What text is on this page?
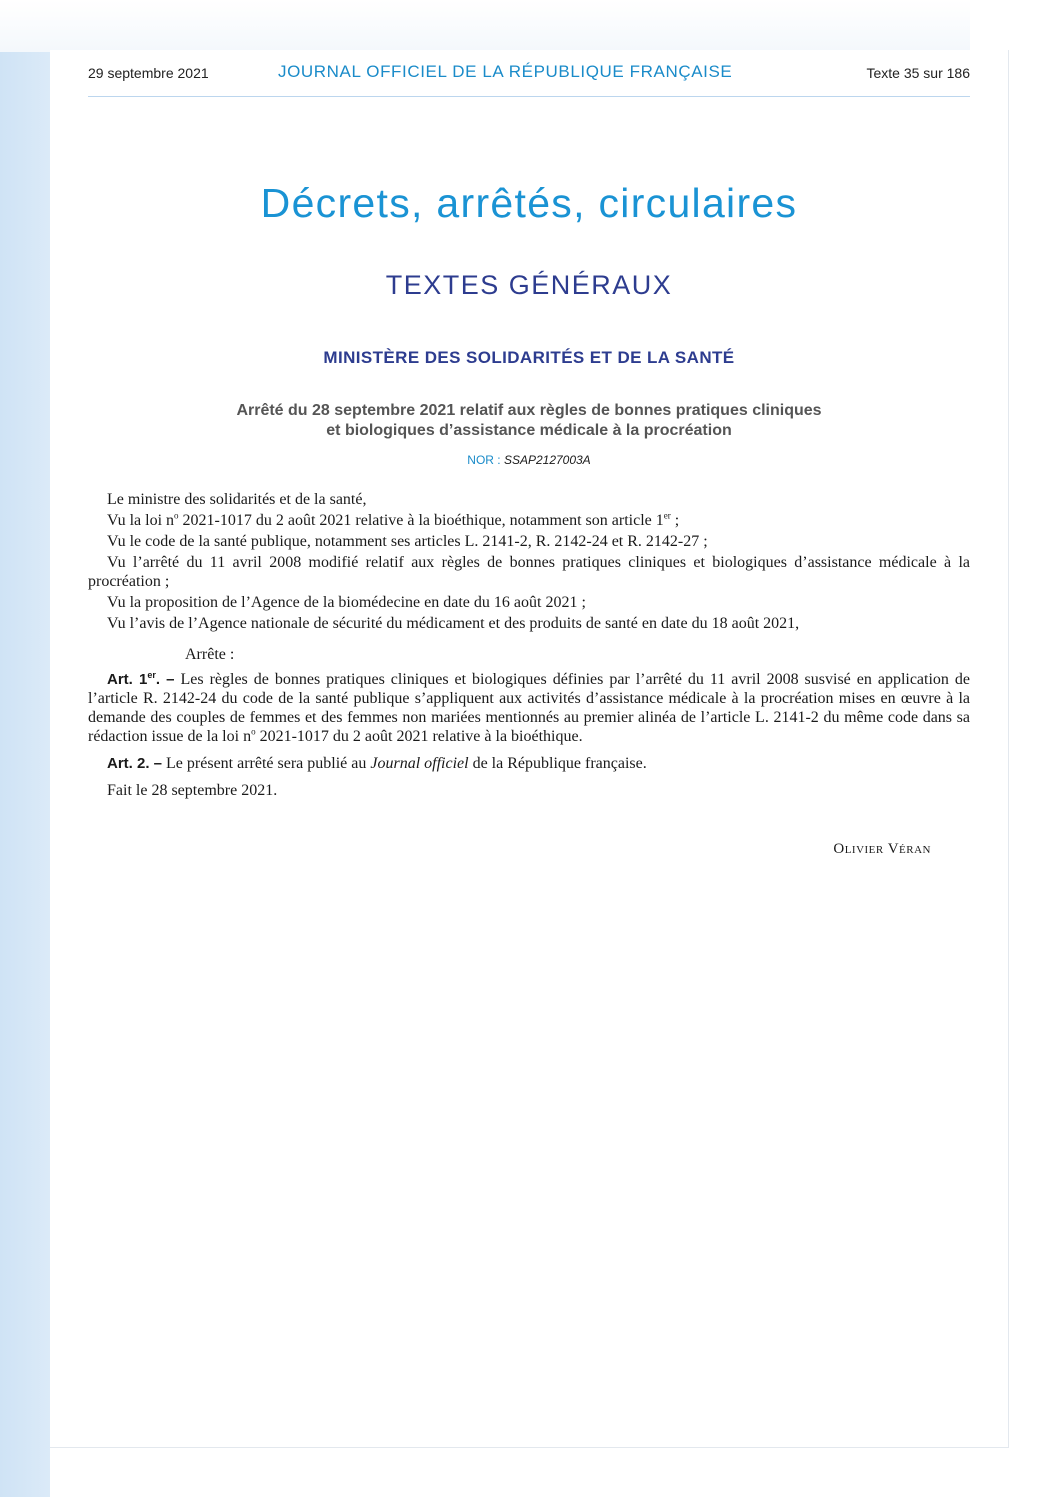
29 septembre 2021	JOURNAL OFFICIEL DE LA RÉPUBLIQUE FRANÇAISE	Texte 35 sur 186
Décrets, arrêtés, circulaires
TEXTES GÉNÉRAUX
MINISTÈRE DES SOLIDARITÉS ET DE LA SANTÉ
Arrêté du 28 septembre 2021 relatif aux règles de bonnes pratiques cliniques
et biologiques d’assistance médicale à la procréation
NOR : SSAP2127003A

Le ministre des solidarités et de la santé,

Vu la loi $n^o$ 2021-1017 du 2 août 2021 relative à la bioéthique, notamment son article 1er ;

Vu le code de la santé publique, notamment ses articles L. 2141-2, R. 2142-24 et R. 2142-27 ;

Vu l’arrêté du 11 avril 2008 modifié relatif aux règles de bonnes pratiques cliniques et biologiques d’assistance médicale à la procréation ;

Vu la proposition de l’Agence de la biomédecine en date du 16 août 2021 ;

Vu l’avis de l’Agence nationale de sécurité du médicament et des produits de santé en date du 18 août 2021,

Arrête :

Art. 1er. – Les règles de bonnes pratiques cliniques et biologiques définies par l’arrêté du 11 avril 2008 susvisé en application de l’article R. 2142-24 du code de la santé publique s’appliquent aux activités d’assistance médicale à la procréation mises en œuvre à la demande des couples de femmes et des femmes non mariées mentionnés au premier alinéa de l’article L. 2141-2 du même code dans sa rédaction issue de la loi $n^o$ 2021-1017 du 2 août 2021 relative à la bioéthique.

Art. 2. – Le présent arrêté sera publié au Journal officiel de la République française.

Fait le 28 septembre 2021.

Olivier Véran
